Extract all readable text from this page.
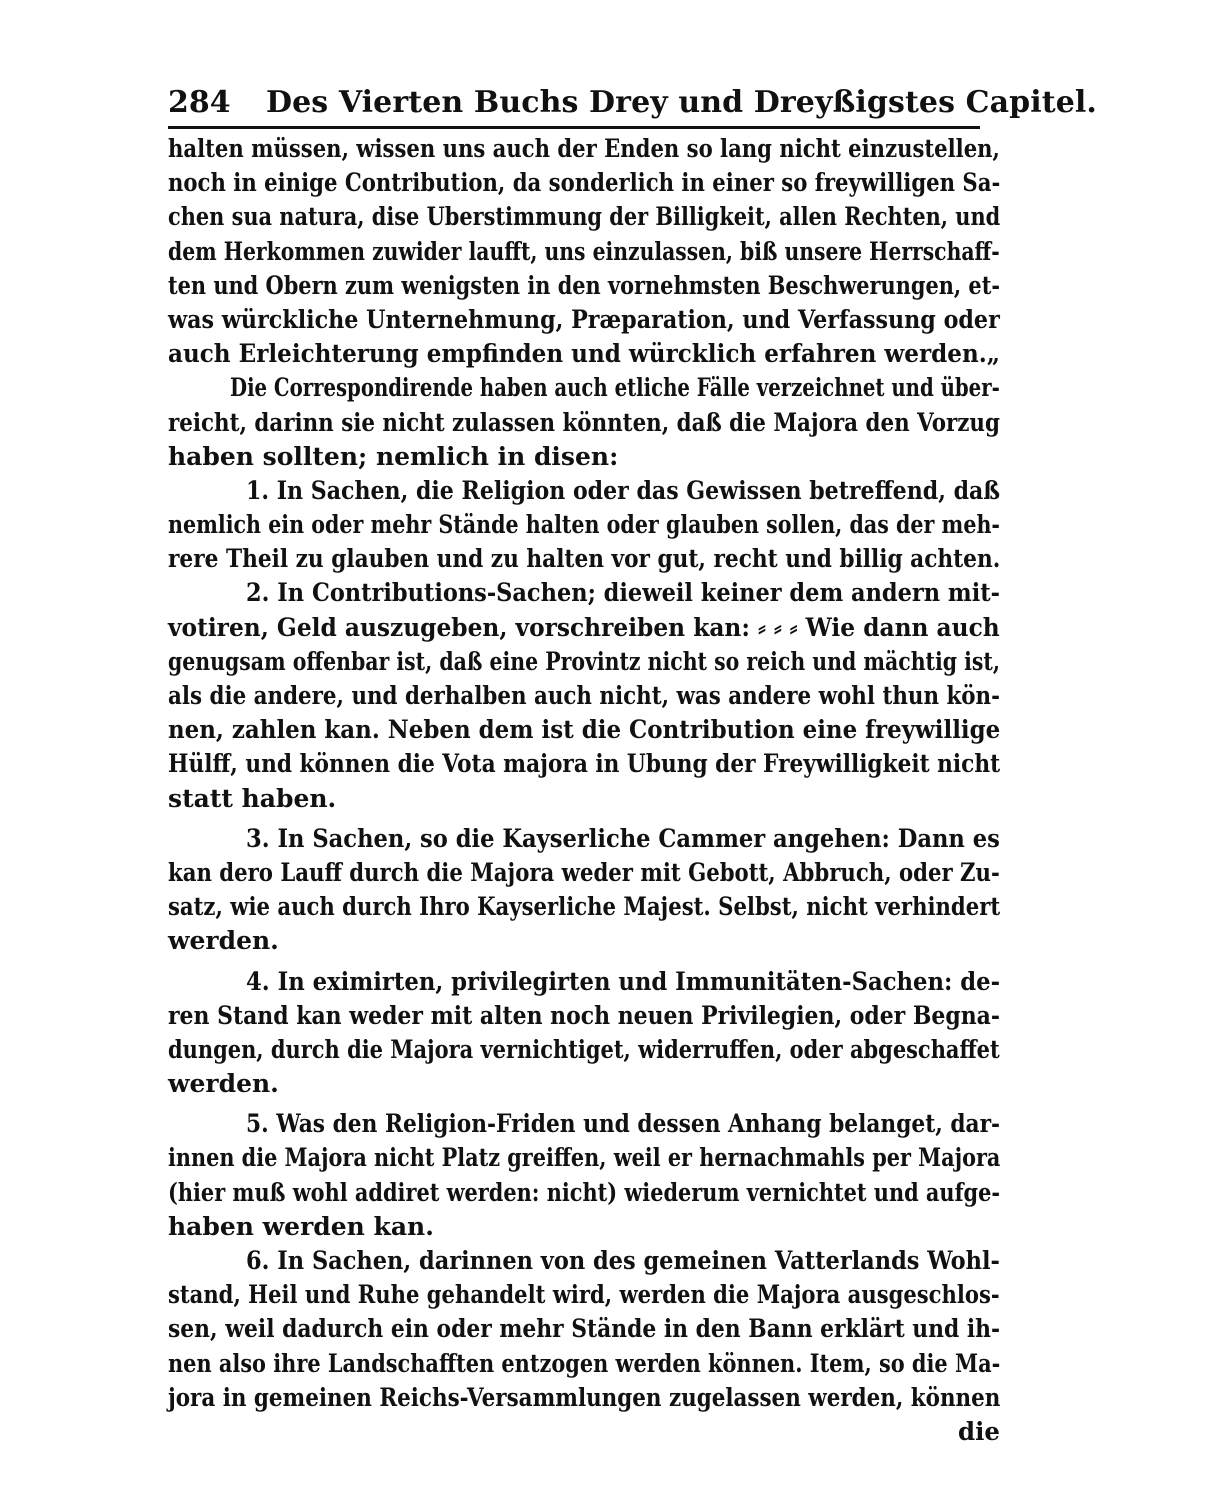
284 Des Vierten Buchs Drey und Dreyßigstes Capitel.
halten müssen, wissen uns auch der Enden so lang nicht einzustellen,
noch in einige Contribution, da sonderlich in einer so freywilligen Sa-
chen sua natura, dise Uberstimmung der Billigkeit, allen Rechten, und
dem Herkommen zuwider laufft, uns einzulassen, biß unsere Herrschaff-
ten und Obern zum wenigsten in den vornehmsten Beschwerungen, et-
was würckliche Unternehmung, Præparation, und Verfassung oder
auch Erleichterung empfinden und würcklich erfahren werden.„
Die Correspondirende haben auch etliche Fälle verzeichnet und über-
reicht, darinn sie nicht zulassen könnten, daß die Majora den Vorzug
haben sollten; nemlich in disen:
1. In Sachen, die Religion oder das Gewissen betreffend, daß
nemlich ein oder mehr Stände halten oder glauben sollen, das der meh-
rere Theil zu glauben und zu halten vor gut, recht und billig achten.
2. In Contributions-Sachen; dieweil keiner dem andern mit-
votiren, Geld auszugeben, vorschreiben kan: ⸗ ⸗ ⸗ Wie dann auch
genugsam offenbar ist, daß eine Provintz nicht so reich und mächtig ist,
als die andere, und derhalben auch nicht, was andere wohl thun kön-
nen, zahlen kan. Neben dem ist die Contribution eine freywillige
Hülff, und können die Vota majora in Ubung der Freywilligkeit nicht
statt haben.
3. In Sachen, so die Kayserliche Cammer angehen: Dann es
kan dero Lauff durch die Majora weder mit Gebott, Abbruch, oder Zu-
satz, wie auch durch Ihro Kayserliche Majest. Selbst, nicht verhindert
werden.
4. In eximirten, privilegirten und Immunitäten-Sachen: de-
ren Stand kan weder mit alten noch neuen Privilegien, oder Begna-
dungen, durch die Majora vernichtiget, widerruffen, oder abgeschaffet
werden.
5. Was den Religion-Friden und dessen Anhang belanget, dar-
innen die Majora nicht Platz greiffen, weil er hernachmahls per Majora
(hier muß wohl addiret werden: nicht) wiederum vernichtet und aufge-
haben werden kan.
6. In Sachen, darinnen von des gemeinen Vatterlands Wohl-
stand, Heil und Ruhe gehandelt wird, werden die Majora ausgeschlos-
sen, weil dadurch ein oder mehr Stände in den Bann erklärt und ih-
nen also ihre Landschafften entzogen werden können. Item, so die Ma-
jora in gemeinen Reichs-Versammlungen zugelassen werden, können
die
